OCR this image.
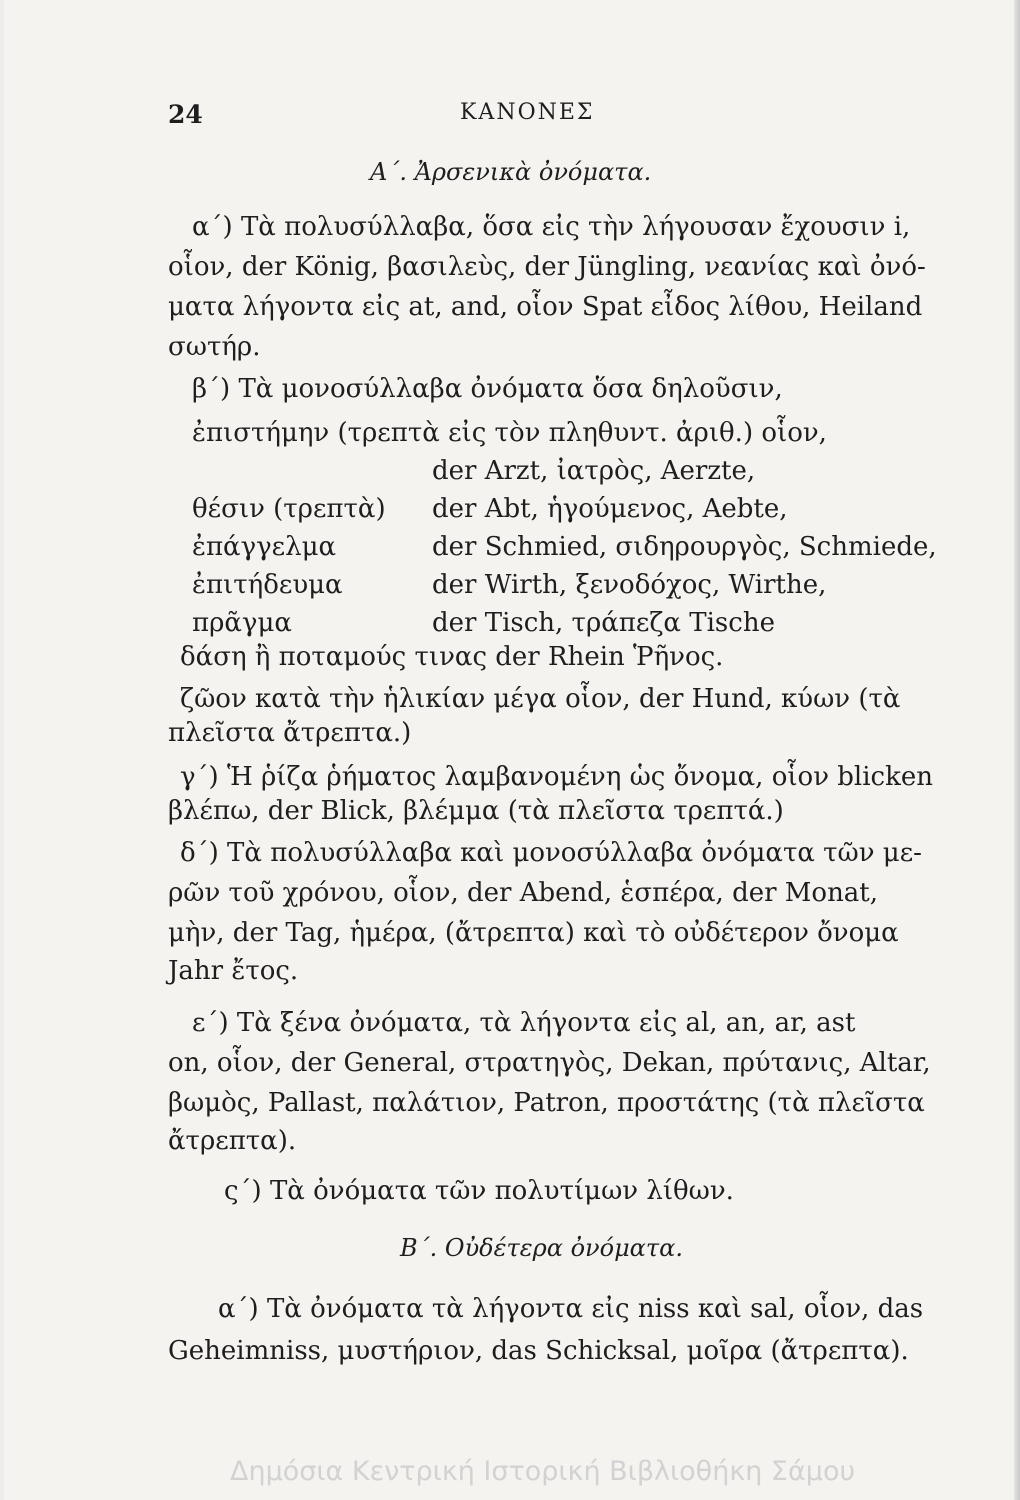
24	ΚΑΝΟΝΕΣ
Α΄. Ἀρσενικὰ ὀνόματα.
α΄) Τὰ πολυσύλλαβα, ὅσα εἰς τὴν λήγουσαν ἔχουσιν i,
οἷον, der König, βασιλεὺς, der Jüngling, νεανίας καὶ ὀνό-
ματα λήγοντα εἰς at, and, οἷον Spat εἶδος λίθου, Heiland
σωτήρ.
β΄) Τὰ μονοσύλλαβα ὀνόματα ὅσα δηλοῦσιν,
ἐπιστήμην (τρεπτὰ εἰς τὸν πληθυντ. ἀριθ.) οἷον,
der Arzt, ἰατρὸς, Aerzte,
θέσιν (τρεπτὰ) der Abt, ἡγούμενος, Aebte,
ἐπάγγελμα	der Schmied, σιδηρουργὸς, Schmiede,
ἐπιτήδευμα	der Wirth, ξενοδόχος, Wirthe,
πρᾶγμα	der Tisch, τράπεζα Tische
δάση ἢ ποταμούς τινας der Rhein Ῥῆνος.
ζῶον κατὰ τὴν ἡλικίαν μέγα οἷον, der Hund, κύων (τὰ
πλεῖστα ἄτρεπτα.)
γ΄) Ἡ ῥίζα ῥήματος λαμβανομένη ὡς ὄνομα, οἷον blicken
βλέπω, der Blick, βλέμμα (τὰ πλεῖστα τρεπτά.)
δ΄) Τὰ πολυσύλλαβα καὶ μονοσύλλαβα ὀνόματα τῶν με-
ρῶν τοῦ χρόνου, οἷον, der Abend, ἑσπέρα, der Monat,
μὴν, der Tag, ἡμέρα, (ἄτρεπτα) καὶ τὸ οὐδέτερον ὄνομα
Jahr ἔτος.
ε΄) Τὰ ξένα ὀνόματα, τὰ λήγοντα εἰς al, an, ar, ast
on, οἷον, der General, στρατηγὸς, Dekan, πρύτανις, Altar,
βωμὸς, Pallast, παλάτιον, Patron, προστάτης (τὰ πλεῖστα
ἄτρεπτα).
ς΄) Τὰ ὀνόματα τῶν πολυτίμων λίθων.
Β΄. Οὐδέτερα ὀνόματα.
α΄) Τὰ ὀνόματα τὰ λήγοντα εἰς niss καὶ sal, οἷον, das
Geheimniss, μυστήριον, das Schicksal, μοῖρα (ἄτρεπτα).
Δημόσια Κεντρική Ιστορική Βιβλιοθήκη Σάμου
